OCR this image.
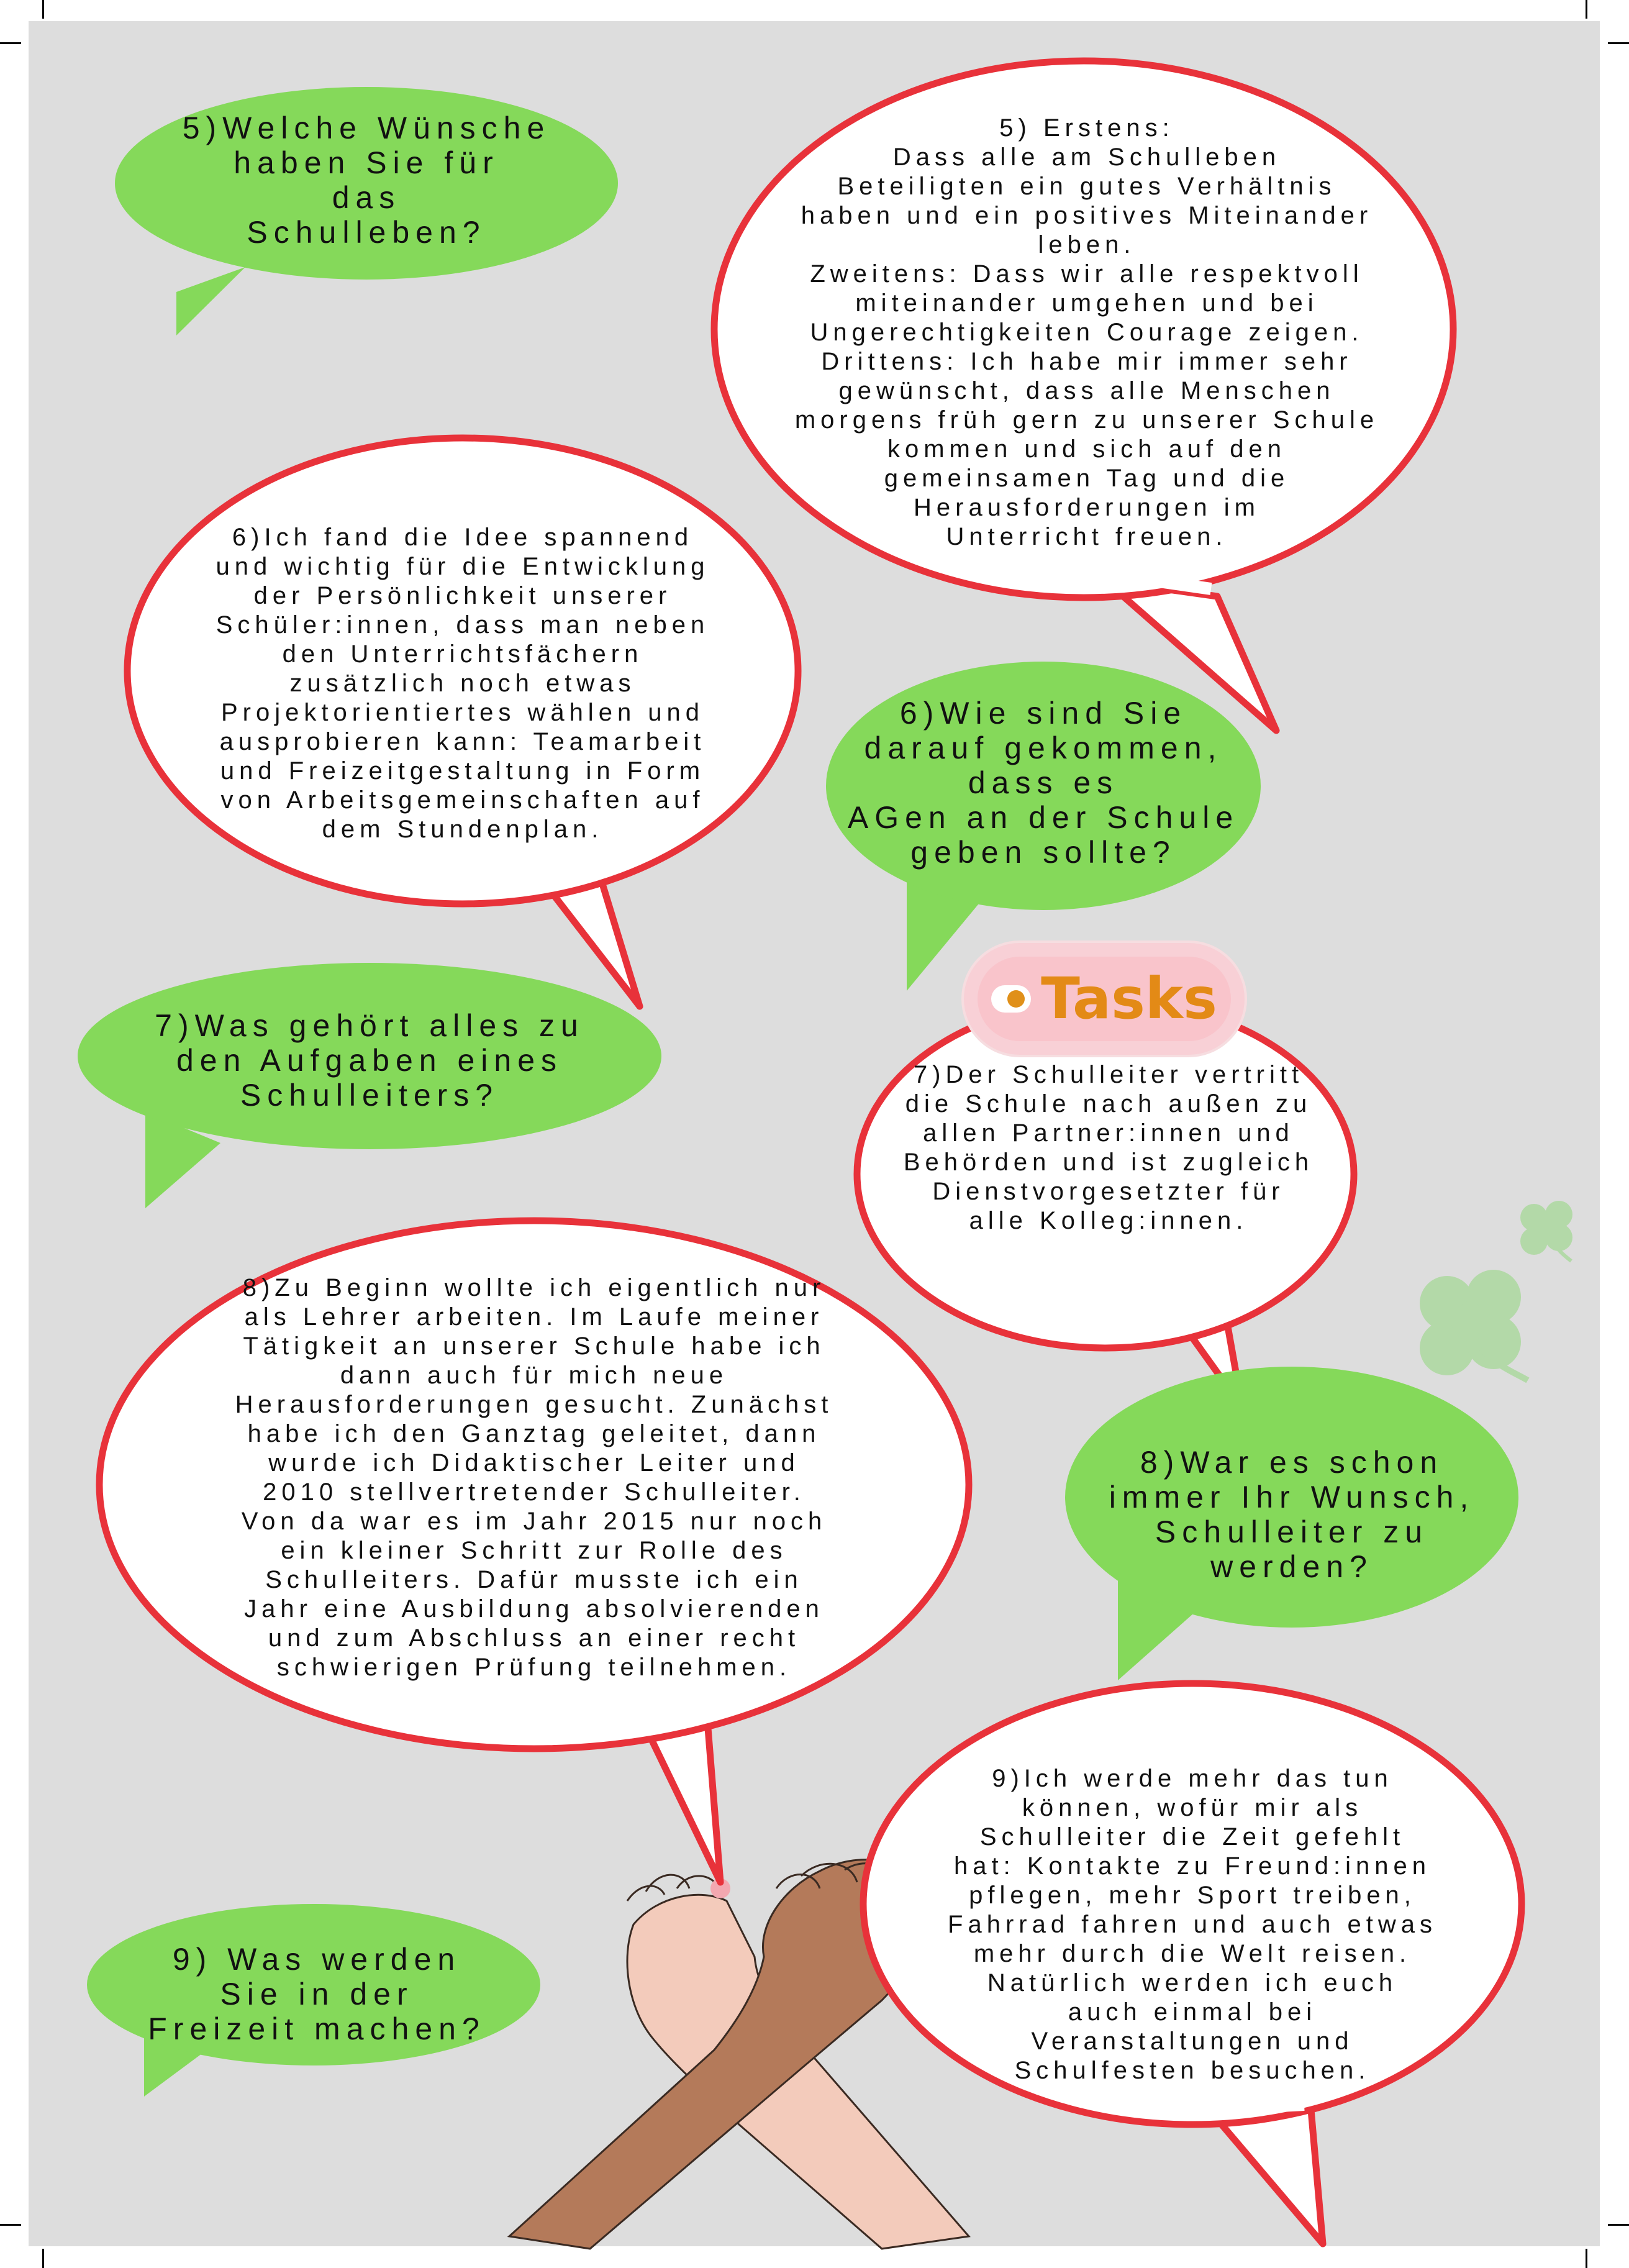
Tasks
5)Welche Wünsche
haben Sie für
das
Schulleben?
5) Erstens:
Dass alle am Schulleben
Beteiligten ein gutes Verhältnis
haben und ein positives Miteinander
leben.
Zweitens: Dass wir alle respektvoll
miteinander umgehen und bei
Ungerechtigkeiten Courage zeigen.
Drittens: Ich habe mir immer sehr
gewünscht, dass alle Menschen
morgens früh gern zu unserer Schule
kommen und sich auf den
gemeinsamen Tag und die
Herausforderungen im
Unterricht freuen.
6)Ich fand die Idee spannend
und wichtig für die Entwicklung
der Persönlichkeit unserer
Schüler:innen, dass man neben
den Unterrichtsfächern
zusätzlich noch etwas
Projektorientiertes wählen und
ausprobieren kann: Teamarbeit
und Freizeitgestaltung in Form
von Arbeitsgemeinschaften auf
dem Stundenplan.
6)Wie sind Sie
darauf gekommen,
dass es
AGen an der Schule
geben sollte?
7)Was gehört alles zu
den Aufgaben eines
Schulleiters?
7)Der Schulleiter vertritt
die Schule nach außen zu
allen Partner:innen und
Behörden und ist zugleich
Dienstvorgesetzter für
alle Kolleg:innen.
8)Zu Beginn wollte ich eigentlich nur
als Lehrer arbeiten. Im Laufe meiner
Tätigkeit an unserer Schule habe ich
dann auch für mich neue
Herausforderungen gesucht. Zunächst
habe ich den Ganztag geleitet, dann
wurde ich Didaktischer Leiter und
2010 stellvertretender Schulleiter.
Von da war es im Jahr 2015 nur noch
ein kleiner Schritt zur Rolle des
Schulleiters. Dafür musste ich ein
Jahr eine Ausbildung absolvierenden
und zum Abschluss an einer recht
schwierigen Prüfung teilnehmen.
8)War es schon
immer Ihr Wunsch,
Schulleiter zu
werden?
9) Was werden
Sie in der
Freizeit machen?
9)Ich werde mehr das tun
können, wofür mir als
Schulleiter die Zeit gefehlt
hat: Kontakte zu Freund:innen
pflegen, mehr Sport treiben,
Fahrrad fahren und auch etwas
mehr durch die Welt reisen.
Natürlich werden ich euch
auch einmal bei
Veranstaltungen und
Schulfesten besuchen.
